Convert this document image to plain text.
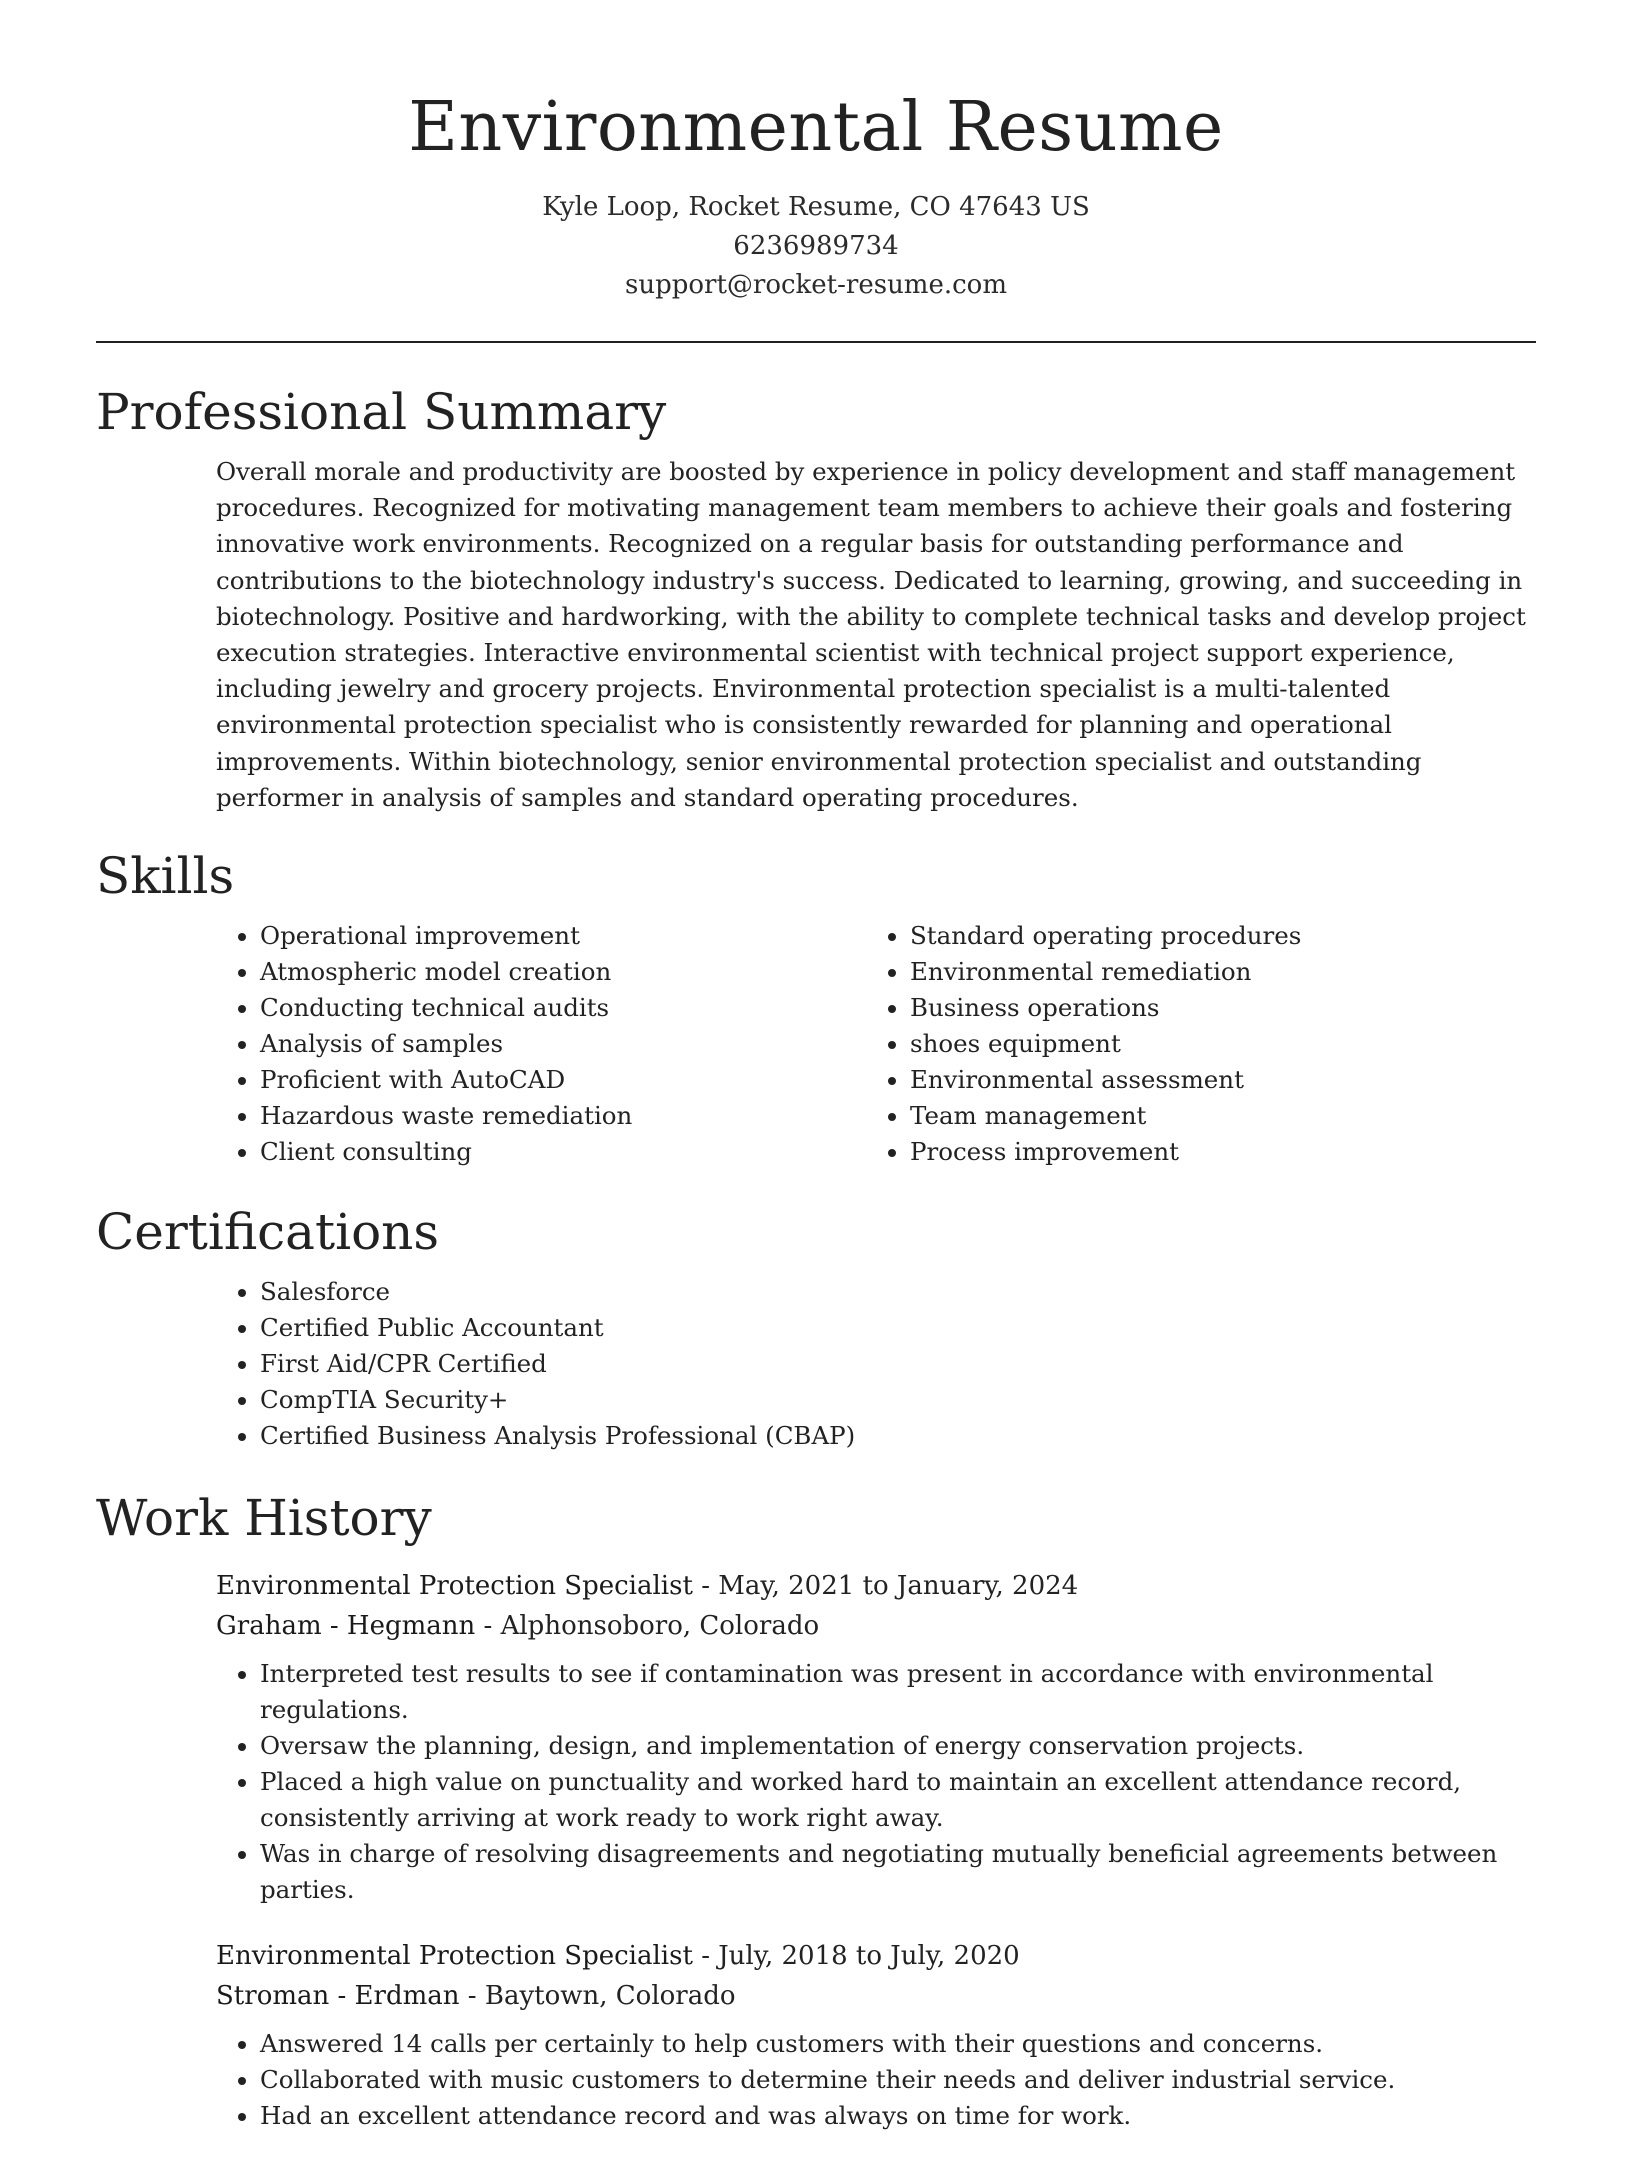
Environmental Resume
Kyle Loop, Rocket Resume, CO 47643 US
6236989734
support@rocket-resume.com
Professional Summary

Overall morale and productivity are boosted by experience in policy development and staff management procedures. Recognized for motivating management team members to achieve their goals and fostering innovative work environments. Recognized on a regular basis for outstanding performance and contributions to the biotechnology industry's success. Dedicated to learning, growing, and succeeding in biotechnology. Positive and hardworking, with the ability to complete technical tasks and develop project execution strategies. Interactive environmental scientist with technical project support experience, including jewelry and grocery projects. Environmental protection specialist is a multi-talented environmental protection specialist who is consistently rewarded for planning and operational improvements. Within biotechnology, senior environmental protection specialist and outstanding performer in analysis of samples and standard operating procedures.

Skills
• Operational improvement
• Atmospheric model creation
• Conducting technical audits
• Analysis of samples
• Proficient with AutoCAD
• Hazardous waste remediation
• Client consulting
• Standard operating procedures
• Environmental remediation
• Business operations
• shoes equipment
• Environmental assessment
• Team management
• Process improvement
Certifications
• Salesforce
• Certified Public Accountant
• First Aid/CPR Certified
• CompTIA Security+
• Certified Business Analysis Professional (CBAP)
Work History
Environmental Protection Specialist - May, 2021 to January, 2024
Graham - Hegmann - Alphonsoboro, Colorado
• Interpreted test results to see if contamination was present in accordance with environmental regulations.
• Oversaw the planning, design, and implementation of energy conservation projects.
• Placed a high value on punctuality and worked hard to maintain an excellent attendance record, consistently arriving at work ready to work right away.
• Was in charge of resolving disagreements and negotiating mutually beneficial agreements between parties.
Environmental Protection Specialist - July, 2018 to July, 2020
Stroman - Erdman - Baytown, Colorado
• Answered 14 calls per certainly to help customers with their questions and concerns.
• Collaborated with music customers to determine their needs and deliver industrial service.
• Had an excellent attendance record and was always on time for work.
